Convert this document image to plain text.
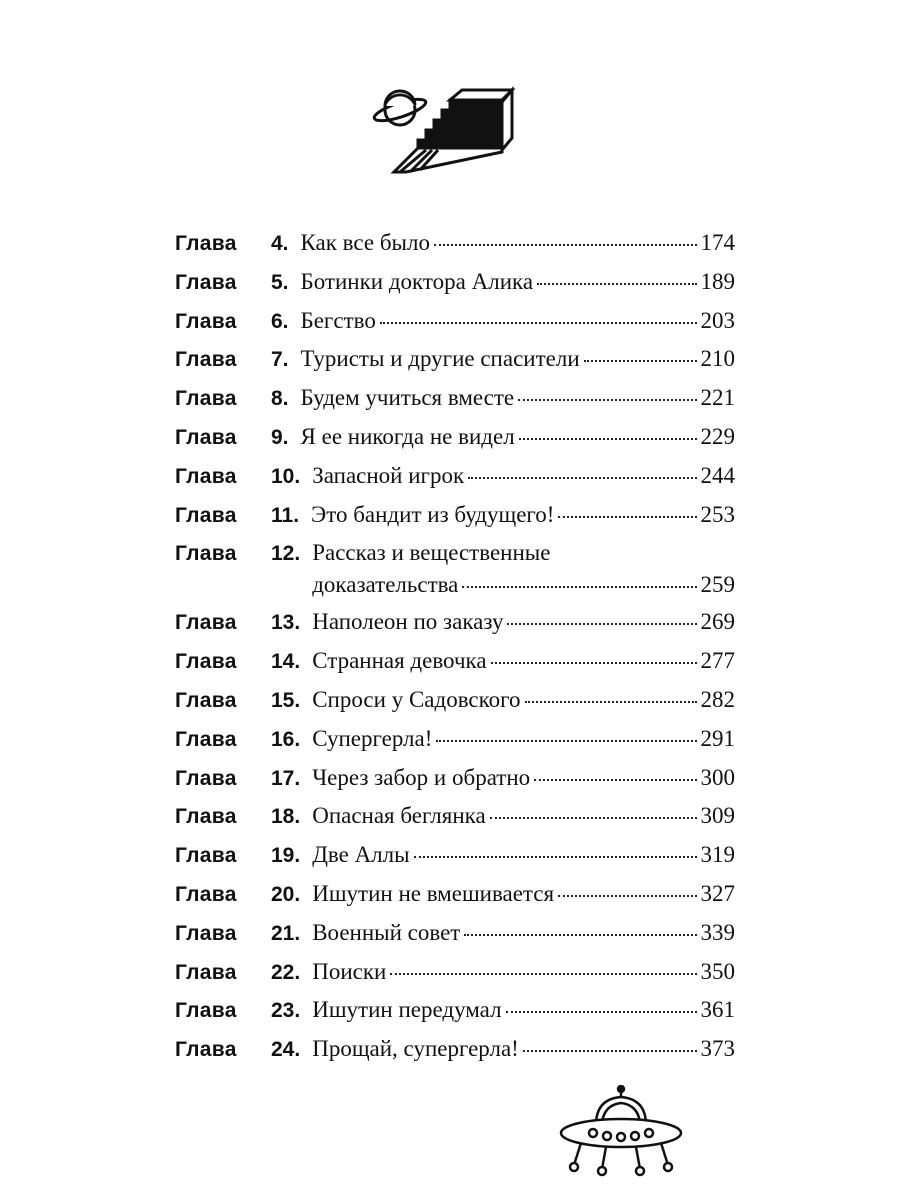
Глава	4. Как все было	174
Глава	5. Ботинки доктора Алика	189
Глава	6. Бегство	203
Глава	7. Туристы и другие спасители	210
Глава	8. Будем учиться вместе	221
Глава	9. Я ее никогда не видел	229
Глава	10. Запасной игрок	244
Глава	11. Это бандит из будущего!	253
Глава	12. Рассказ и вещественные
доказательства	259
Глава	13. Наполеон по заказу	269
Глава	14. Странная девочка	277
Глава	15. Спроси у Садовского	282
Глава	16. Супергерла!	291
Глава	17. Через забор и обратно	300
Глава	18. Опасная беглянка	309
Глава	19. Две Аллы	319
Глава	20. Ишутин не вмешивается	327
Глава	21. Военный совет	339
Глава	22. Поиски	350
Глава	23. Ишутин передумал	361
Глава	24. Прощай, супергерла!	373
